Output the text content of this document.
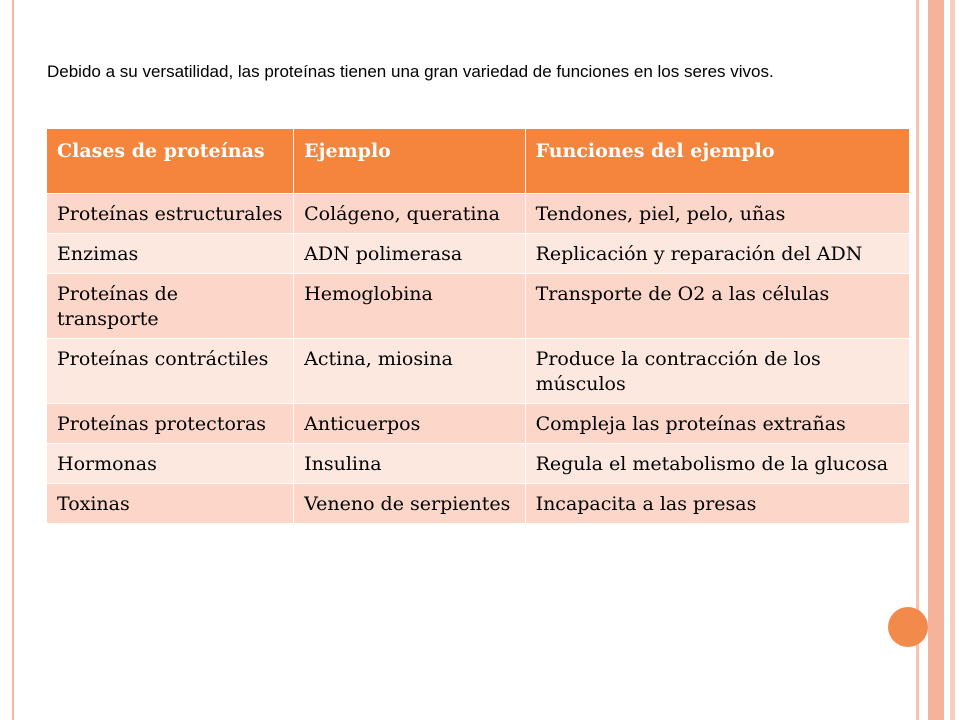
Debido a su versatilidad, las proteínas tienen una gran variedad de funciones en los seres vivos.

Clases de proteínas	Ejemplo	Funciones del ejemplo
Proteínas estructurales	Colágeno, queratina	Tendones, piel, pelo, uñas
Enzimas	ADN polimerasa	Replicación y reparación del ADN
Proteínas de transporte	Hemoglobina	Transporte de O2 a las células
Proteínas contráctiles	Actina, miosina	Produce la contracción de los músculos
Proteínas protectoras	Anticuerpos	Compleja las proteínas extrañas
Hormonas	Insulina	Regula el metabolismo de la glucosa
Toxinas	Veneno de serpientes	Incapacita a las presas
